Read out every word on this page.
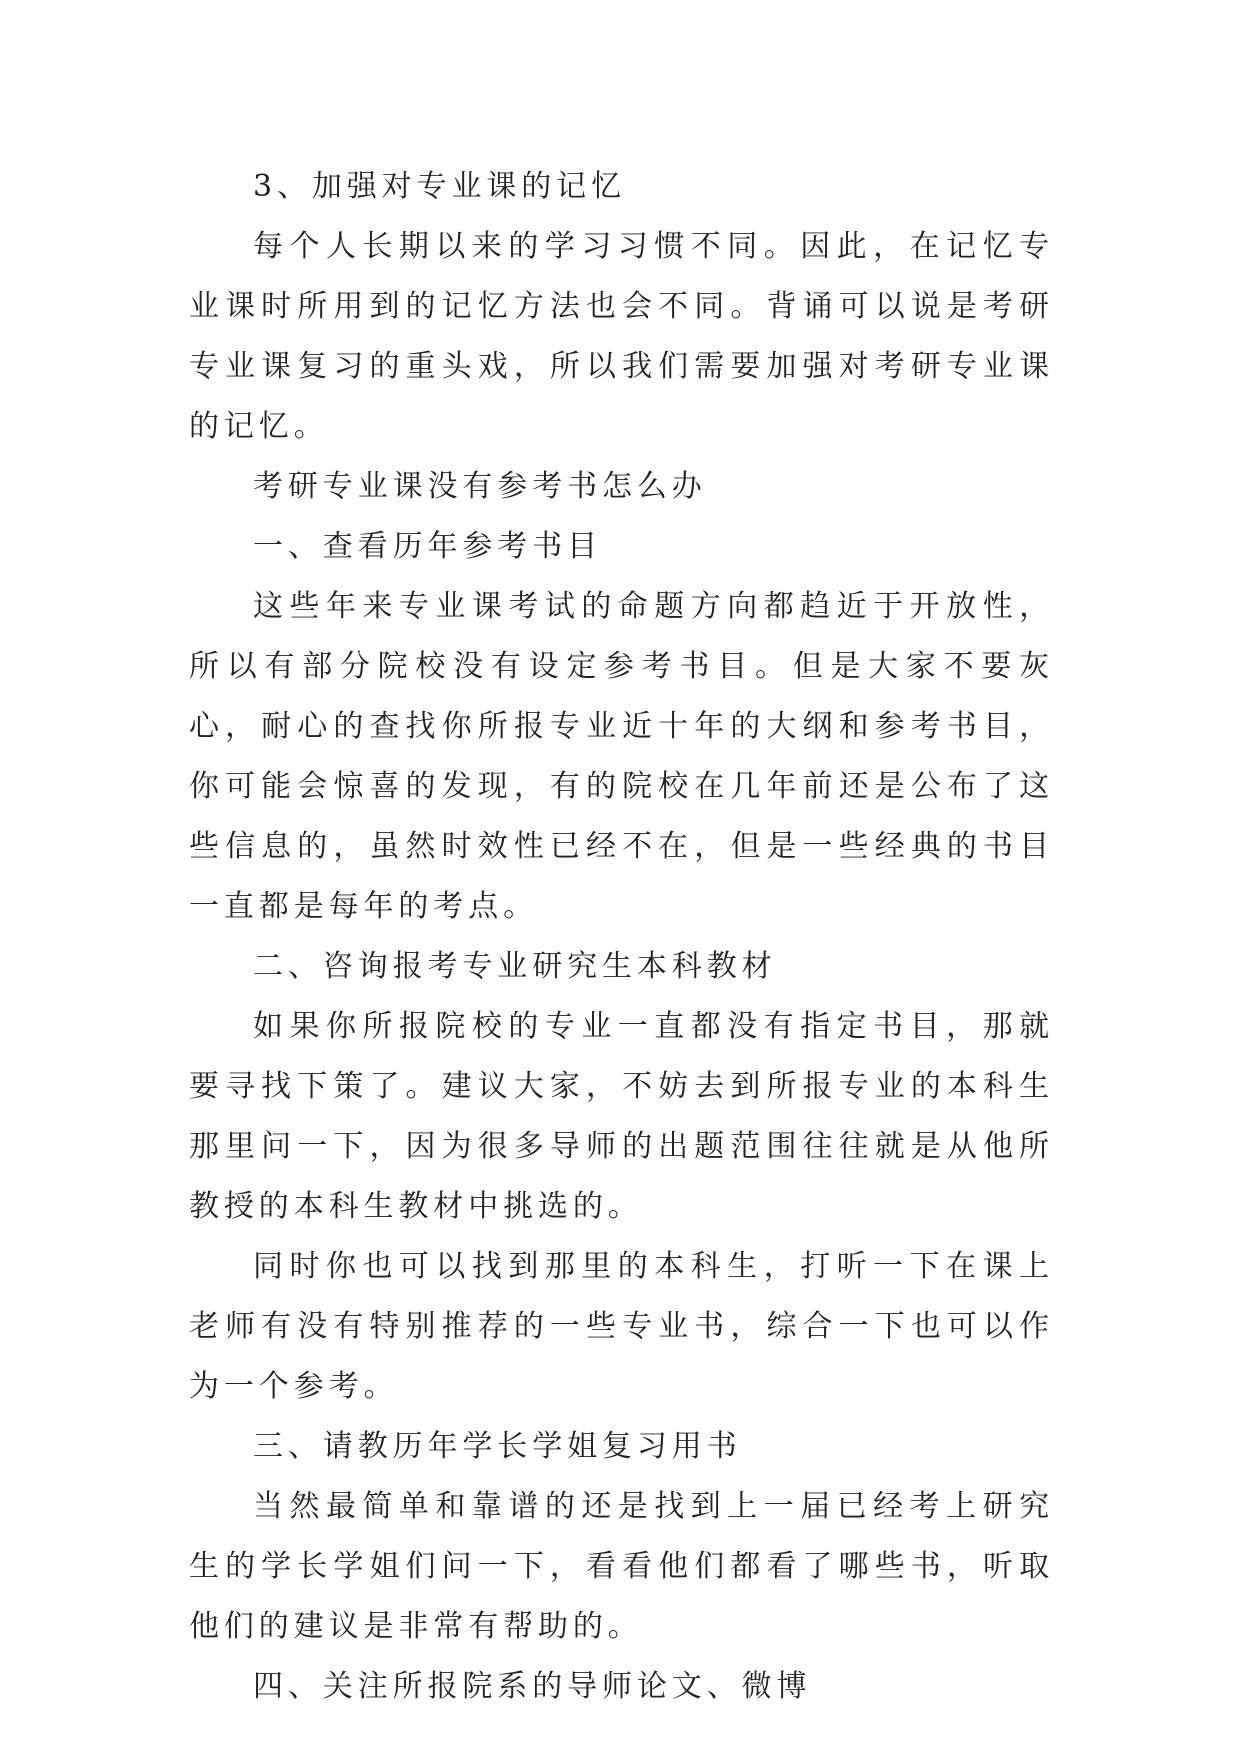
3、加强对专业课的记忆

每个人长期以来的学习习惯不同。因此，在记忆专业课时所用到的记忆方法也会不同。背诵可以说是考研专业课复习的重头戏，所以我们需要加强对考研专业课的记忆。

考研专业课没有参考书怎么办

一、查看历年参考书目

这些年来专业课考试的命题方向都趋近于开放性，所以有部分院校没有设定参考书目。但是大家不要灰心，耐心的查找你所报专业近十年的大纲和参考书目，你可能会惊喜的发现，有的院校在几年前还是公布了这些信息的，虽然时效性已经不在，但是一些经典的书目一直都是每年的考点。

二、咨询报考专业研究生本科教材

如果你所报院校的专业一直都没有指定书目，那就要寻找下策了。建议大家，不妨去到所报专业的本科生那里问一下，因为很多导师的出题范围往往就是从他所教授的本科生教材中挑选的。

同时你也可以找到那里的本科生，打听一下在课上老师有没有特别推荐的一些专业书，综合一下也可以作为一个参考。

三、请教历年学长学姐复习用书

当然最简单和靠谱的还是找到上一届已经考上研究生的学长学姐们问一下，看看他们都看了哪些书，听取他们的建议是非常有帮助的。

四、关注所报院系的导师论文、微博
